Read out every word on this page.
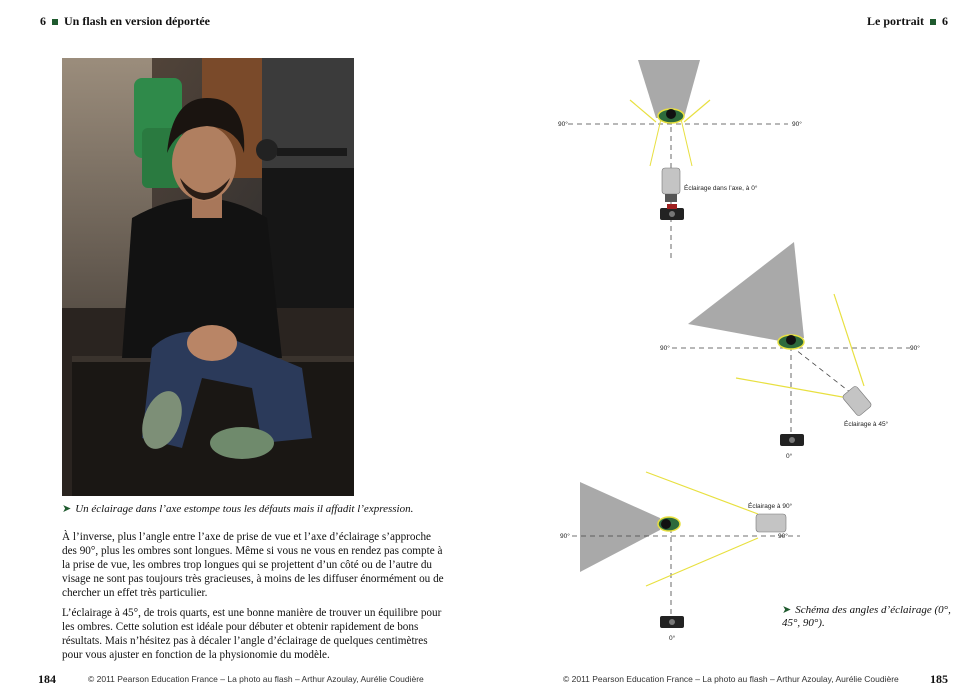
6 Un flash en version déportée	Le portrait 6
➤ Un éclairage dans l’axe estompe tous les défauts mais il affadit l’expression.

À l’inverse, plus l’angle entre l’axe de prise de vue et l’axe d’éclairage s’approche des 90°, plus les ombres sont longues. Même si vous ne vous en rendez pas compte à la prise de vue, les ombres trop longues qui se projettent d’un côté ou de l’autre du visage ne sont pas toujours très gracieuses, à moins de les diffuser énormément ou de chercher un effet très particulier.

L’éclairage à 45°, de trois quarts, est une bonne manière de trouver un équilibre pour les ombres. Cette solution est idéale pour débuter et obtenir rapidement de bons résultats. Mais n’hésitez pas à décaler l’angle d’éclairage de quelques centimètres pour vous ajuster en fonction de la physionomie du modèle.

184	© 2011 Pearson Education France – La photo au flash – Arthur Azoulay, Aurélie Coudière	© 2011 Pearson Education France – La photo au flash – Arthur Azoulay, Aurélie Coudière	185
90°	90°
Éclairage dans l’axe, à 0°
90°	90°
Éclairage à 45°
0°
90°	90°
Éclairage à 90°
0°
➤ Schéma des angles d’éclairage (0°, 45°, 90°).
